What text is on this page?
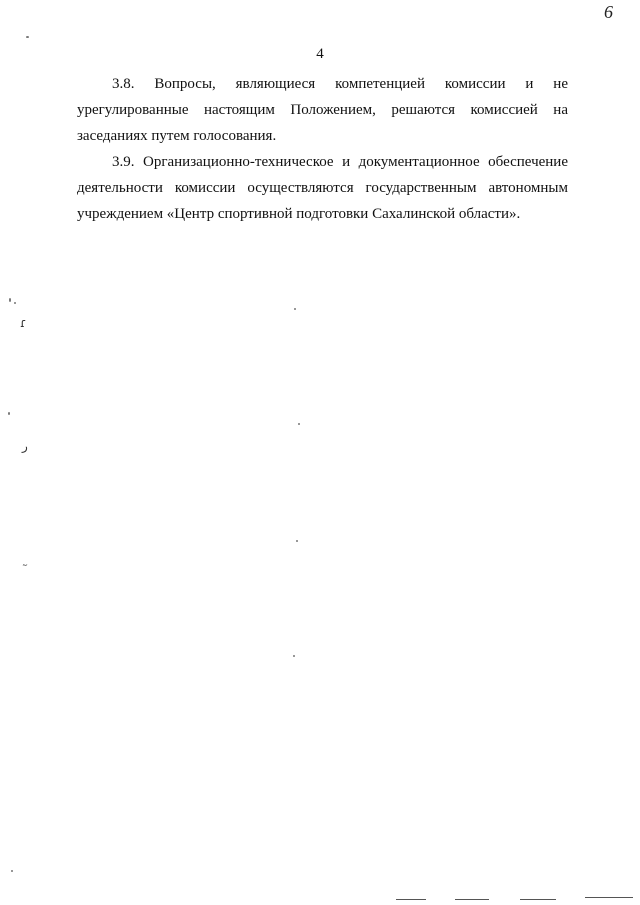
6
4
3.8. Вопросы, являющиеся компетенцией комиссии и не
урегулированные настоящим Положением, решаются комиссией на
заседаниях путем голосования.
3.9. Организационно-техническое и документационное обеспечение
деятельности комиссии осуществляются государственным автономным
учреждением «Центр спортивной подготовки Сахалинской области».
ɾ
ر
